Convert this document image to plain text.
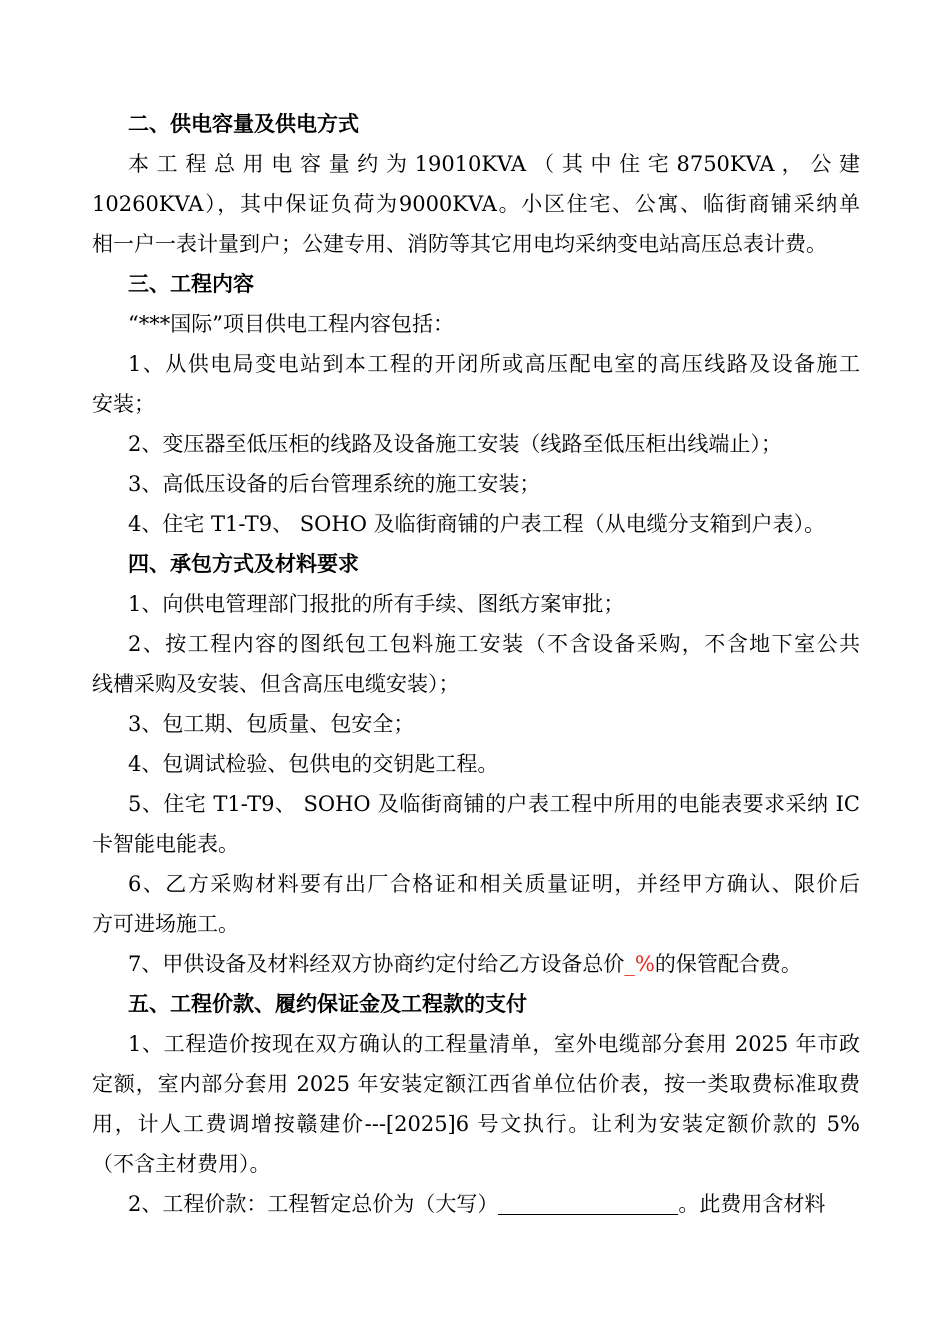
二、供电容量及供电方式
本 工 程 总 用 电 容 量 约 为 19010KVA （ 其 中 住 宅 8750KVA ， 公 建
10260KVA），其中保证负荷为9000KVA。小区住宅、公寓、临街商铺采纳单
相一户一表计量到户；公建专用、消防等其它用电均采纳变电站高压总表计费。
三、工程内容
“***国际”项目供电工程内容包括：
1、从供电局变电站到本工程的开闭所或高压配电室的高压线路及设备施工
安装；
2、变压器至低压柜的线路及设备施工安装（线路至低压柜出线端止）；
3、高低压设备的后台管理系统的施工安装；
4、住宅 T1-T9、 SOHO 及临街商铺的户表工程（从电缆分支箱到户表）。
四、承包方式及材料要求
1、向供电管理部门报批的所有手续、图纸方案审批；
2、按工程内容的图纸包工包料施工安装（不含设备采购，不含地下室公共
线槽采购及安装、但含高压电缆安装）；
3、包工期、包质量、包安全；
4、包调试检验、包供电的交钥匙工程。
5、住宅 T1-T9、 SOHO 及临街商铺的户表工程中所用的电能表要求采纳 IC
卡智能电能表。
6、乙方采购材料要有出厂合格证和相关质量证明，并经甲方确认、限价后
方可进场施工。
7、甲供设备及材料经双方协商约定付给乙方设备总价_%的保管配合费。
五、工程价款、履约保证金及工程款的支付
1、工程造价按现在双方确认的工程量清单，室外电缆部分套用 2025 年市政
定额，室内部分套用 2025 年安装定额江西省单位估价表，按一类取费标准取费
用，计人工费调增按赣建价---[2025]6 号文执行。让利为安装定额价款的 5%
（不含主材费用）。
2、工程价款：工程暂定总价为（大写）	。此费用含材料
